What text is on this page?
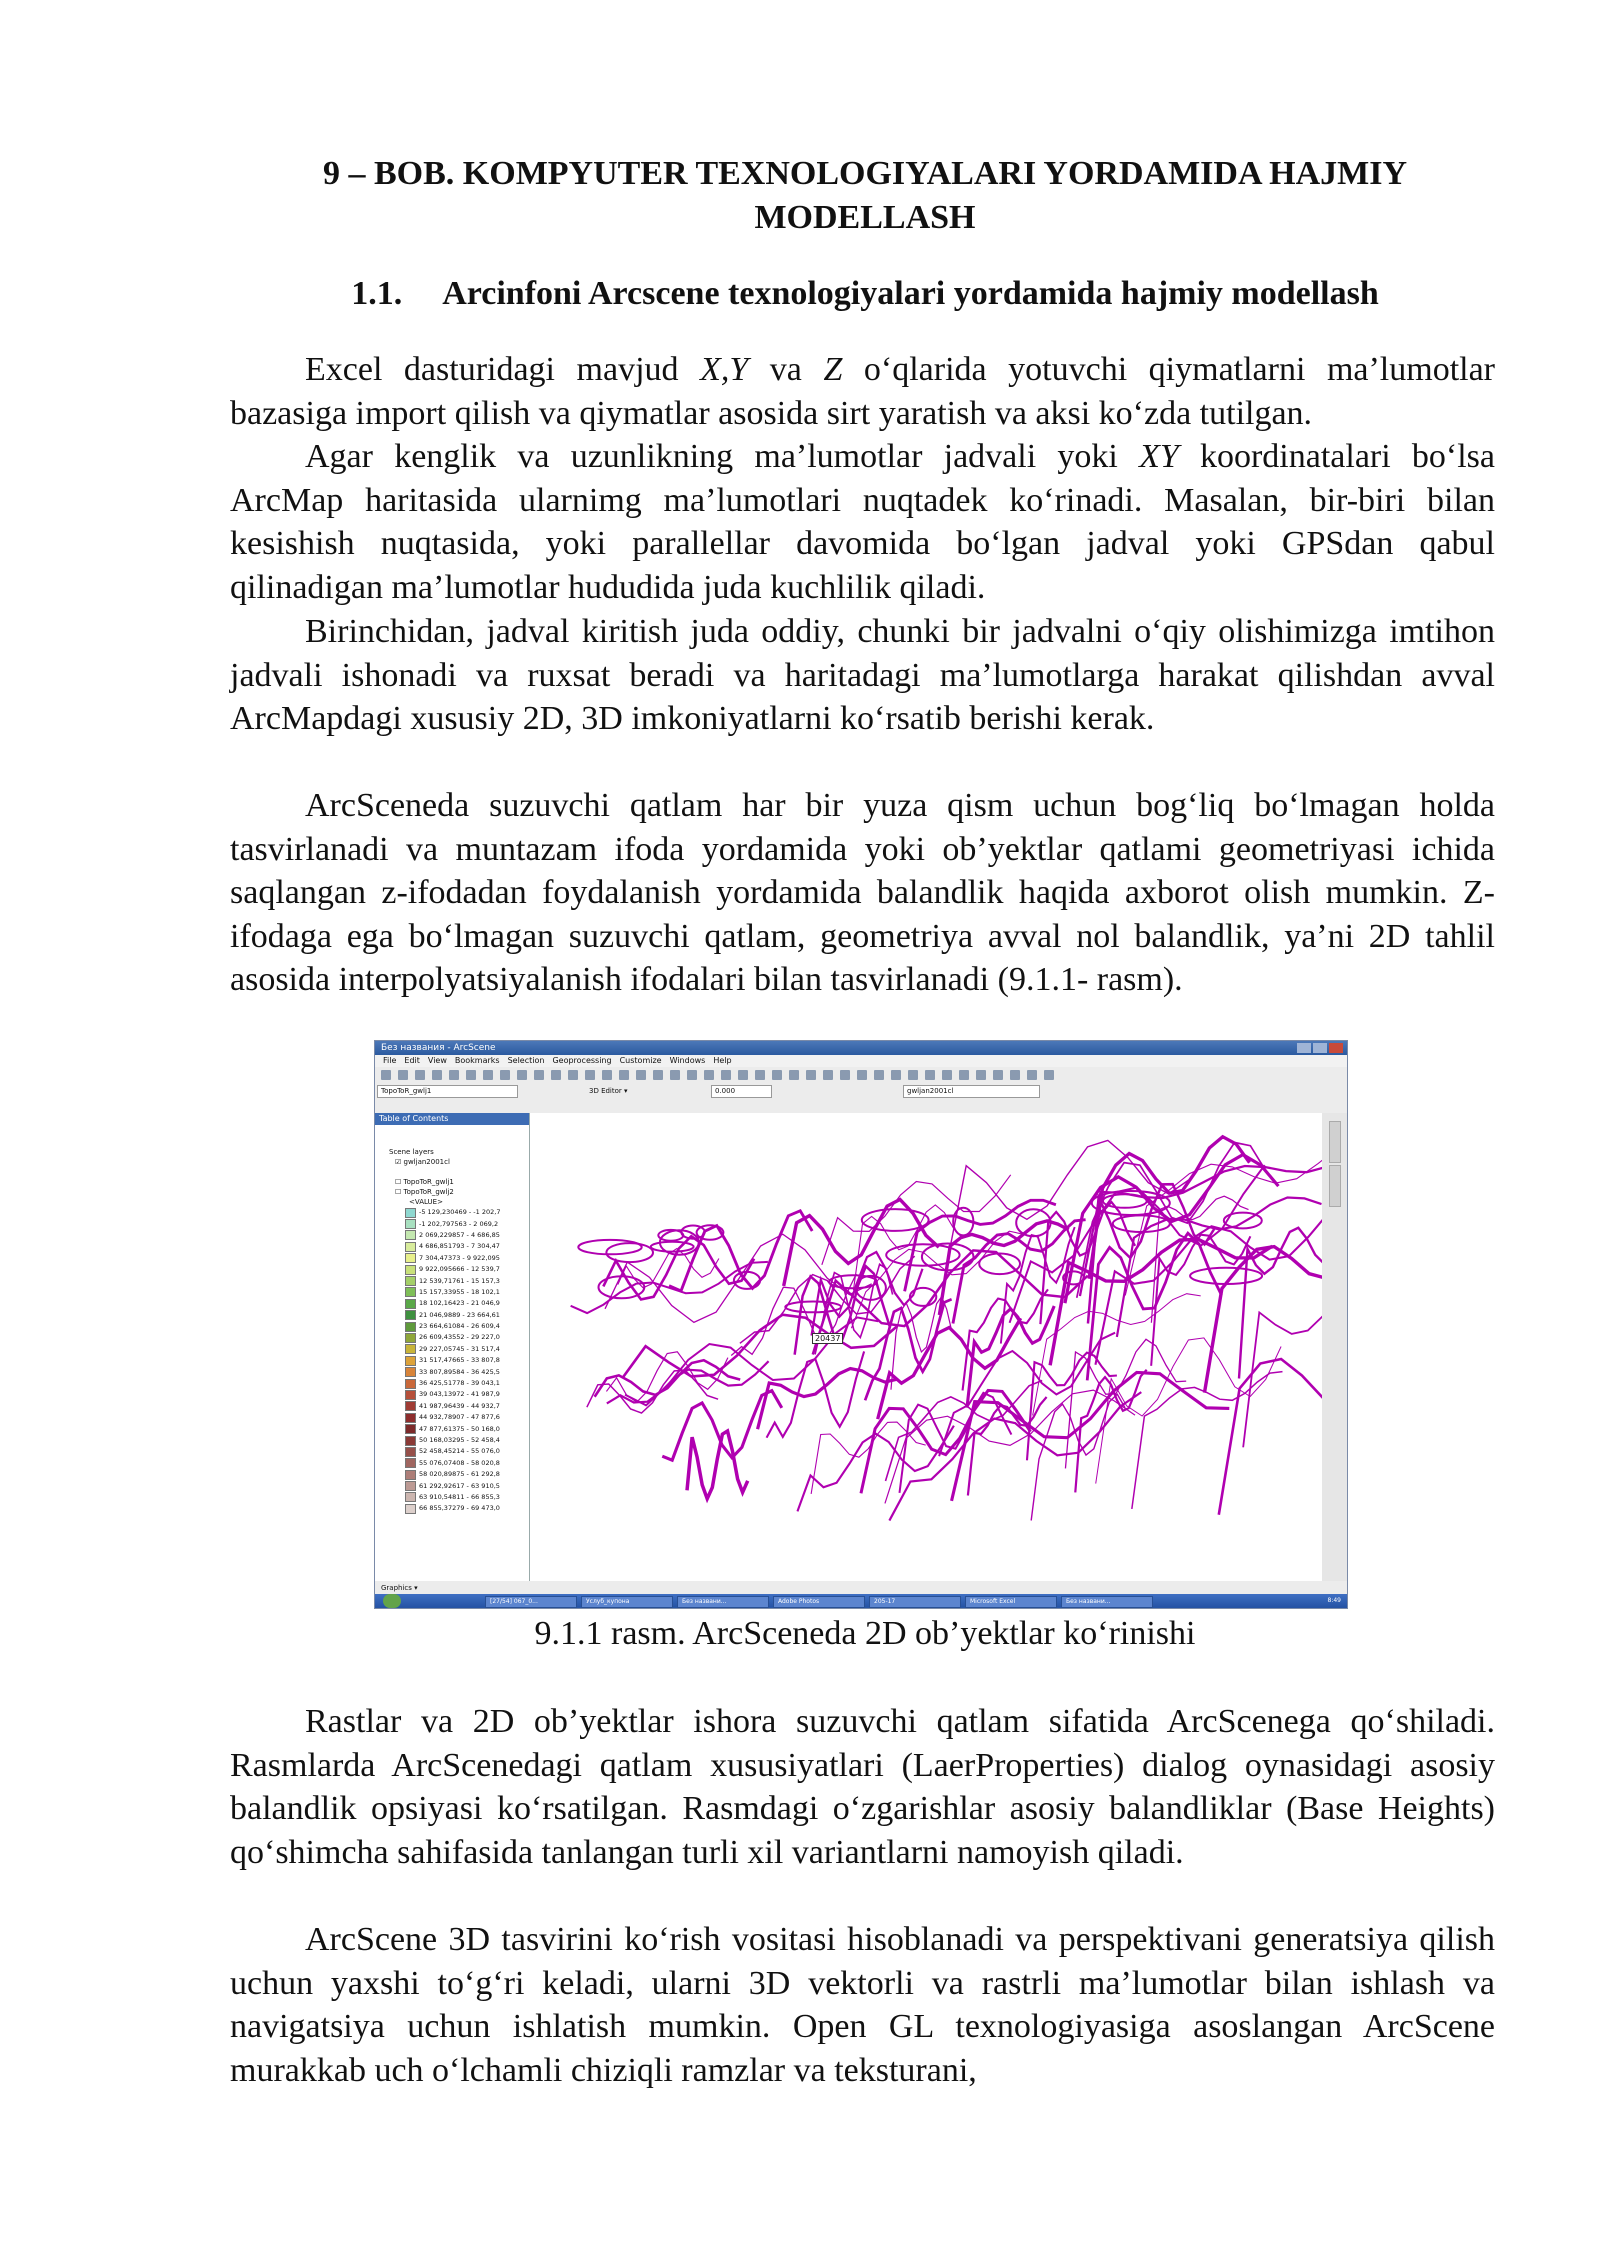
9 – BOB. KOMPYUTER TEXNOLOGIYALARI YORDAMIDA HAJMIY
MODELLASH
1.1. Arcinfoni Arcscene texnologiyalari yordamida hajmiy modellash

Excel dasturidagi mavjud X,Y va Z o‘qlarida yotuvchi qiymatlarni ma’lumotlar bazasiga import qilish va qiymatlar asosida sirt yaratish va aksi ko‘zda tutilgan.

Agar kenglik va uzunlikning ma’lumotlar jadvali yoki XY koordinatalari bo‘lsa ArcMap haritasida ularnimg ma’lumotlari nuqtadek ko‘rinadi. Masalan, bir-biri bilan kesishish nuqtasida, yoki parallellar davomida bo‘lgan jadval yoki GPSdan qabul qilinadigan ma’lumotlar hududida juda kuchlilik qiladi.

Birinchidan, jadval kiritish juda oddiy, chunki bir jadvalni o‘qiy olishimizga imtihon jadvali ishonadi va ruxsat beradi va haritadagi ma’lumotlarga harakat qilishdan avval ArcMapdagi xususiy 2D, 3D imkoniyatlarni ko‘rsatib berishi kerak.

ArcSceneda suzuvchi qatlam har bir yuza qism uchun bog‘liq bo‘lmagan holda tasvirlanadi va muntazam ifoda yordamida yoki ob’yektlar qatlami geometriyasi ichida saqlangan z-ifodadan foydalanish yordamida balandlik haqida axborot olish mumkin. Z- ifodaga ega bo‘lmagan suzuvchi qatlam, geometriya avval nol balandlik, ya’ni 2D tahlil asosida interpolyatsiyalanish ifodalari bilan tasvirlanadi (9.1.1- rasm).

Без названия - ArcScene
File Edit View Bookmarks Selection Geoprocessing Customize Windows Help
TopoToR_gwlj1	3D Editor ▾	0.000	gwljan2001cl
Table of Contents
Scene layers
☑ gwljan2001cl
☐ TopoToR_gwlj1
☐ TopoToR_gwlj2
<VALUE>
-5 129,230469 - -1 202,7
-1 202,797563 - 2 069,2
2 069,229857 - 4 686,85
4 686,851793 - 7 304,47
7 304,47373 - 9 922,095
9 922,095666 - 12 539,7
12 539,71761 - 15 157,3
15 157,33955 - 18 102,1
18 102,16423 - 21 046,9
21 046,9889 - 23 664,61
23 664,61084 - 26 609,4
26 609,43552 - 29 227,0
29 227,05745 - 31 517,4
31 517,47665 - 33 807,8
33 807,89584 - 36 425,5
36 425,51778 - 39 043,1
39 043,13972 - 41 987,9
41 987,96439 - 44 932,7
44 932,78907 - 47 877,6
47 877,61375 - 50 168,0
50 168,03295 - 52 458,4
52 458,45214 - 55 076,0
55 076,07408 - 58 020,8
58 020,89875 - 61 292,8
61 292,92617 - 63 910,5
63 910,54811 - 66 855,3
66 855,37279 - 69 473,0
20437
Graphics ▾
8:49
[27/54] 067_0...	Услуб_купона	Без названи...	Adobe Photos	205-17	Microsoft Excel	Без названи...
9.1.1 rasm. ArcSceneda 2D ob’yektlar ko‘rinishi

Rastlar va 2D ob’yektlar ishora suzuvchi qatlam sifatida ArcScenega qo‘shiladi. Rasmlarda ArcScenedagi qatlam xususiyatlari (LaerProperties) dialog oynasidagi asosiy balandlik opsiyasi ko‘rsatilgan. Rasmdagi o‘zgarishlar asosiy balandliklar (Base Heights) qo‘shimcha sahifasida tanlangan turli xil variantlarni namoyish qiladi.

ArcScene 3D tasvirini ko‘rish vositasi hisoblanadi va perspektivani generatsiya qilish uchun yaxshi to‘g‘ri keladi, ularni 3D vektorli va rastrli ma’lumotlar bilan ishlash va navigatsiya uchun ishlatish mumkin. Open GL texnologiyasiga asoslangan ArcScene murakkab uch o‘lchamli chiziqli ramzlar va teksturani,
